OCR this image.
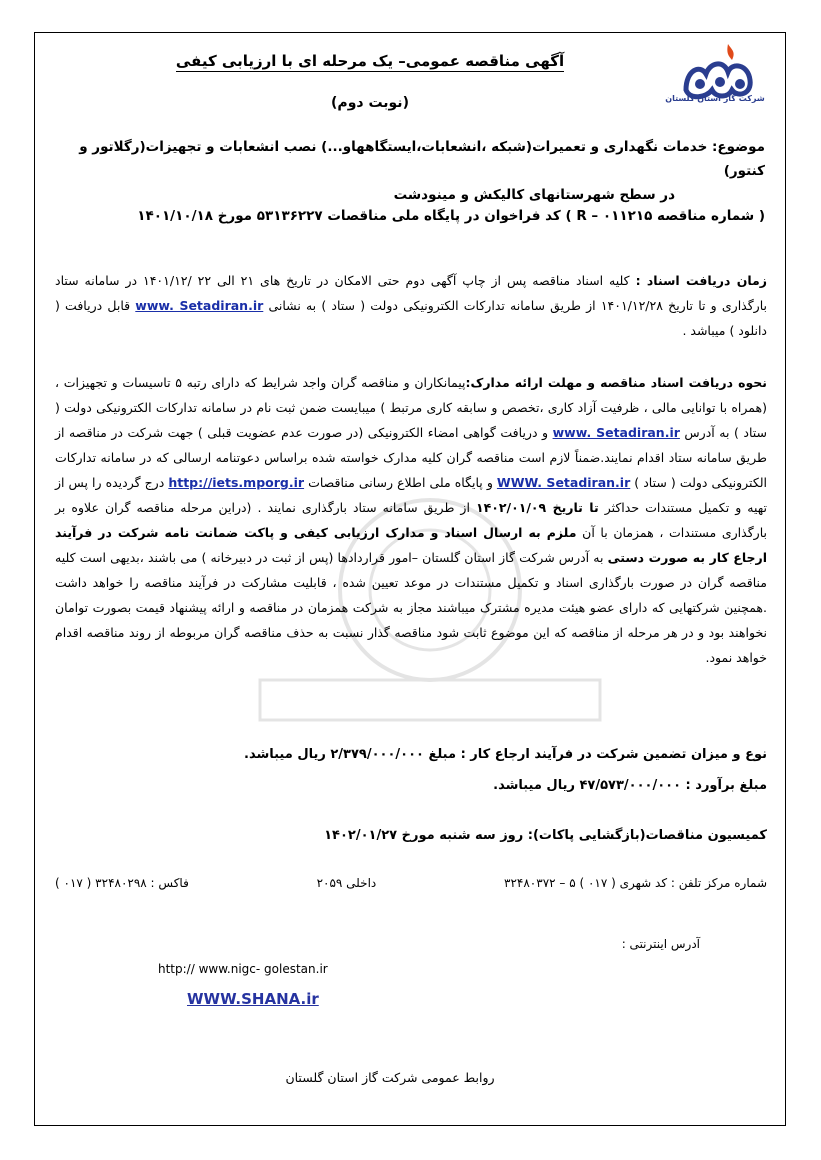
شرکت گاز استان گلستان
آگهی مناقصه عمومی– یک مرحله ای با ارزیابی کیفی
(نوبت دوم)
موضوع: خدمات نگهداری و تعمیرات(شبکه ،انشعابات،ایستگاههاو...) نصب انشعابات و تجهیزات(رگلاتور و کنتور)
در سطح شهرستانهای کالیکش و مینودشت
( شماره مناقصه R – ۰۱۱۲۱۵ ) کد فراخوان در پایگاه ملی مناقصات ۵۳۱۳۶۲۲۷ مورخ ۱۴۰۱/۱۰/۱۸
زمان دریافت اسناد : کلیه اسناد مناقصه پس از چاپ آگهی دوم حتی الامکان در تاریخ های ۲۱ الی ۲۲ /۱۴۰۱/۱۲ در سامانه ستاد بارگذاری و تا تاریخ ۱۴۰۱/۱۲/۲۸ از طریق سامانه تدارکات الکترونیکی دولت ( ستاد ) به نشانی www. Setadiran.ir قابل دریافت ( دانلود ) میباشد .
نحوه دریافت اسناد مناقصه و مهلت ارائه مدارک:پیمانکاران و مناقصه گران واجد شرایط که دارای رتبه ۵ تاسیسات و تجهیزات ،(همراه با توانایی مالی ، ظرفیت آزاد کاری ،تخصص و سابقه کاری مرتبط ) میبایست ضمن ثبت نام در سامانه تدارکات الکترونیکی دولت ( ستاد ) به آدرس www. Setadiran.ir و دریافت گواهی امضاء الکترونیکی (در صورت عدم عضویت قبلی ) جهت شرکت در مناقصه از طریق سامانه ستاد اقدام نمایند.ضمناً لازم است مناقصه گران کلیه مدارک خواسته شده براساس دعوتنامه ارسالی که در سامانه تدارکات الکترونیکی دولت ( ستاد ) WWW. Setadiran.ir و پایگاه ملی اطلاع رسانی مناقصات http://iets.mporg.ir درج گردیده را پس از تهیه و تکمیل مستندات حداکثر تا تاریخ ۱۴۰۲/۰۱/۰۹ از طریق سامانه ستاد بارگذاری نمایند . (دراین مرحله مناقصه گران علاوه بر بارگذاری مستندات ، همزمان با آن ملزم به ارسال اسناد و مدارک ارزیابی کیفی و پاکت ضمانت نامه شرکت در فرآیند ارجاع کار به صورت دستی به آدرس شرکت گاز استان گلستان –امور قراردادها (پس از ثبت در دبیرخانه ) می باشند ،بدیهی است کلیه مناقصه گران در صورت بارگذاری اسناد و تکمیل مستندات در موعد تعیین شده ، قابلیت مشارکت در فرآیند مناقصه را خواهد داشت .همچنین شرکتهایی که دارای عضو هیئت مدیره مشترک میباشند مجاز به شرکت همزمان در مناقصه و ارائه پیشنهاد قیمت بصورت توامان نخواهند بود و در هر مرحله از مناقصه که این موضوع ثابت شود مناقصه گذار نسبت به حذف مناقصه گران مربوطه از روند مناقصه اقدام خواهد نمود.
نوع و میزان تضمین شرکت در فرآیند ارجاع کار : مبلغ ۲/۳۷۹/۰۰۰/۰۰۰ ریال میباشد.
مبلغ برآورد : ۴۷/۵۷۳/۰۰۰/۰۰۰ ریال میباشد.
کمیسیون مناقصات(بازگشایی پاکات): روز سه شنبه مورخ ۱۴۰۲/۰۱/۲۷
شماره مرکز تلفن : کد شهری ( ۰۱۷ ) ۵ – ۳۲۴۸۰۳۷۲
داخلی ۲۰۵۹
فاکس : ۳۲۴۸۰۲۹۸ ( ۰۱۷ )
آدرس اینترنتی :
http:// www.nigc- golestan.ir
WWW.SHANA.ir
روابط عمومی شرکت گاز استان گلستان
